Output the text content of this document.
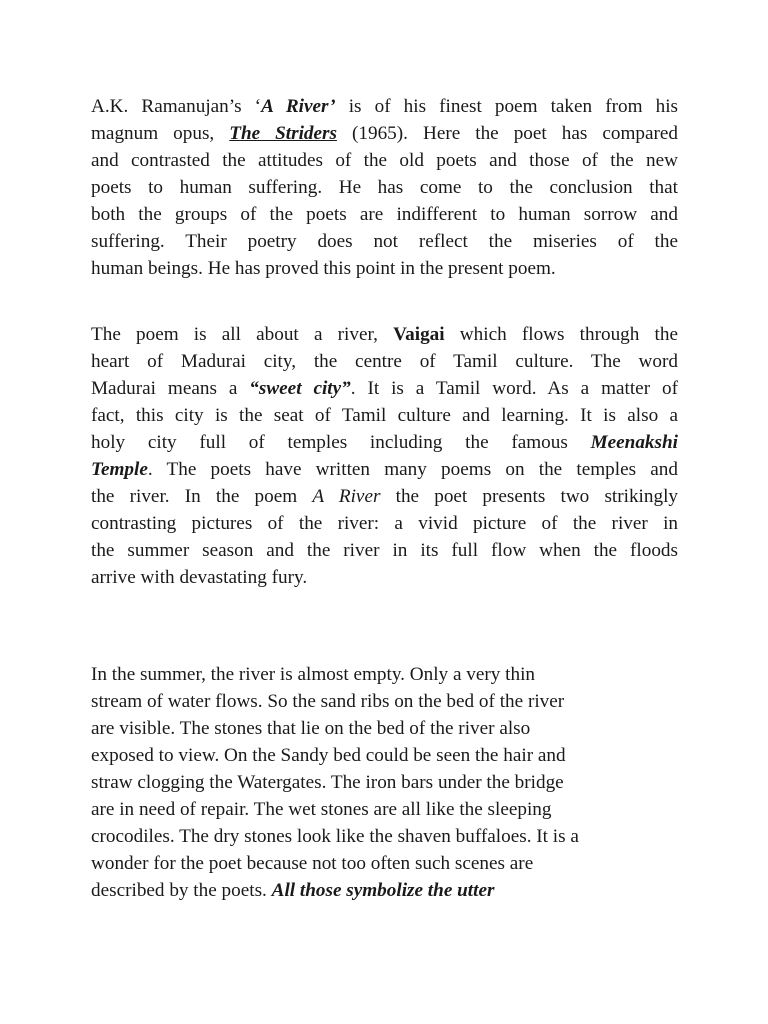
A.K. Ramanujan’s ‘A River’ is of his finest poem taken from his
magnum opus, The Striders (1965). Here the poet has compared
and contrasted the attitudes of the old poets and those of the new
poets to human suffering. He has come to the conclusion that
both the groups of the poets are indifferent to human sorrow and
suffering. Their poetry does not reflect the miseries of the
human beings. He has proved this point in the present poem.

The poem is all about a river, Vaigai which flows through the
heart of Madurai city, the centre of Tamil culture. The word
Madurai means a “sweet city”. It is a Tamil word. As a matter of
fact, this city is the seat of Tamil culture and learning. It is also a
holy city full of temples including the famous Meenakshi
Temple. The poets have written many poems on the temples and
the river. In the poem A River the poet presents two strikingly
contrasting pictures of the river: a vivid picture of the river in
the summer season and the river in its full flow when the floods
arrive with devastating fury.

In the summer, the river is almost empty. Only a very thin
stream of water flows. So the sand ribs on the bed of the river
are visible. The stones that lie on the bed of the river also
exposed to view. On the Sandy bed could be seen the hair and
straw clogging the Watergates. The iron bars under the bridge
are in need of repair. The wet stones are all like the sleeping
crocodiles. The dry stones look like the shaven buffaloes. It is a
wonder for the poet because not too often such scenes are
described by the poets. All those symbolize the utter
